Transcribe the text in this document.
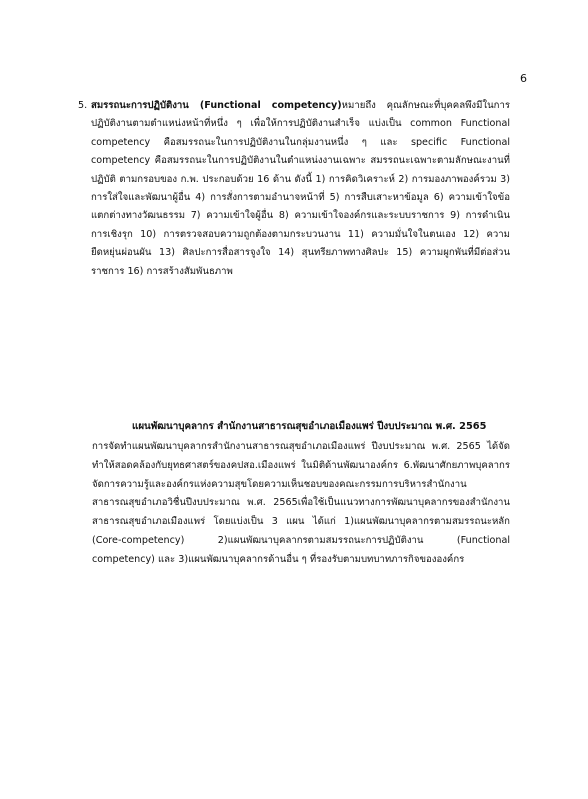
6
5. สมรรถนะการปฏิบัติงาน (Functional competency)หมายถึง คุณลักษณะที่บุคคลพึงมีในการปฏิบัติงานตามตำแหน่งหน้าที่หนึ่ง ๆ เพื่อให้การปฏิบัติงานสำเร็จ แบ่งเป็น common Functional competency คือสมรรถนะในการปฏิบัติงานในกลุ่มงานหนึ่ง ๆ และ specific Functional competency คือสมรรถนะในการปฏิบัติงานในตำแหน่งงานเฉพาะ สมรรถนะเฉพาะตามลักษณะงานที่ปฏิบัติ ตามกรอบของ ก.พ. ประกอบด้วย 16 ด้าน ดังนี้ 1) การคิดวิเคราะห์ 2) การมองภาพองค์รวม 3) การใส่ใจและพัฒนาผู้อื่น 4) การสั่งการตามอำนาจหน้าที่ 5) การสืบเสาะหาข้อมูล 6) ความเข้าใจข้อแตกต่างทางวัฒนธรรม 7) ความเข้าใจผู้อื่น 8) ความเข้าใจองค์กรและระบบราชการ 9) การดำเนินการเชิงรุก 10) การตรวจสอบความถูกต้องตามกระบวนงาน 11) ความมั่นใจในตนเอง 12) ความยืดหยุ่นผ่อนผัน 13) ศิลปะการสื่อสารจูงใจ 14) สุนทรียภาพทางศิลปะ 15) ความผูกพันที่มีต่อส่วนราชการ 16) การสร้างสัมพันธภาพ
แผนพัฒนาบุคลากร สำนักงานสาธารณสุขอำเภอเมืองแพร่ ปีงบประมาณ พ.ศ. 2565
การจัดทำแผนพัฒนาบุคลากรสำนักงานสาธารณสุขอำเภอเมืองแพร่ ปีงบประมาณ พ.ศ. 2565 ได้จัดทำให้สอดคล้องกับยุทธศาสตร์ของคปสอ.เมืองแพร่ ในมิติด้านพัฒนาองค์กร 6.พัฒนาศักยภาพบุคลากรจัดการความรู้และองค์กรแห่งความสุขโดยความเห็นชอบของคณะกรรมการบริหารสำนักงานสาธารณสุขอำเภอวิชื่นปีงบประมาณ พ.ศ. 2565เพื่อใช้เป็นแนวทางการพัฒนาบุคลากรของสำนักงานสาธารณสุขอำเภอเมืองแพร่ โดยแบ่งเป็น 3 แผน ได้แก่ 1)แผนพัฒนาบุคลากรตามสมรรถนะหลัก (Core-competency) 2)แผนพัฒนาบุคลากรตามสมรรถนะการปฏิบัติงาน (Functional competency) และ 3)แผนพัฒนาบุคลากรด้านอื่น ๆ ที่รองรับตามบทบาทภารกิจขององค์กร
